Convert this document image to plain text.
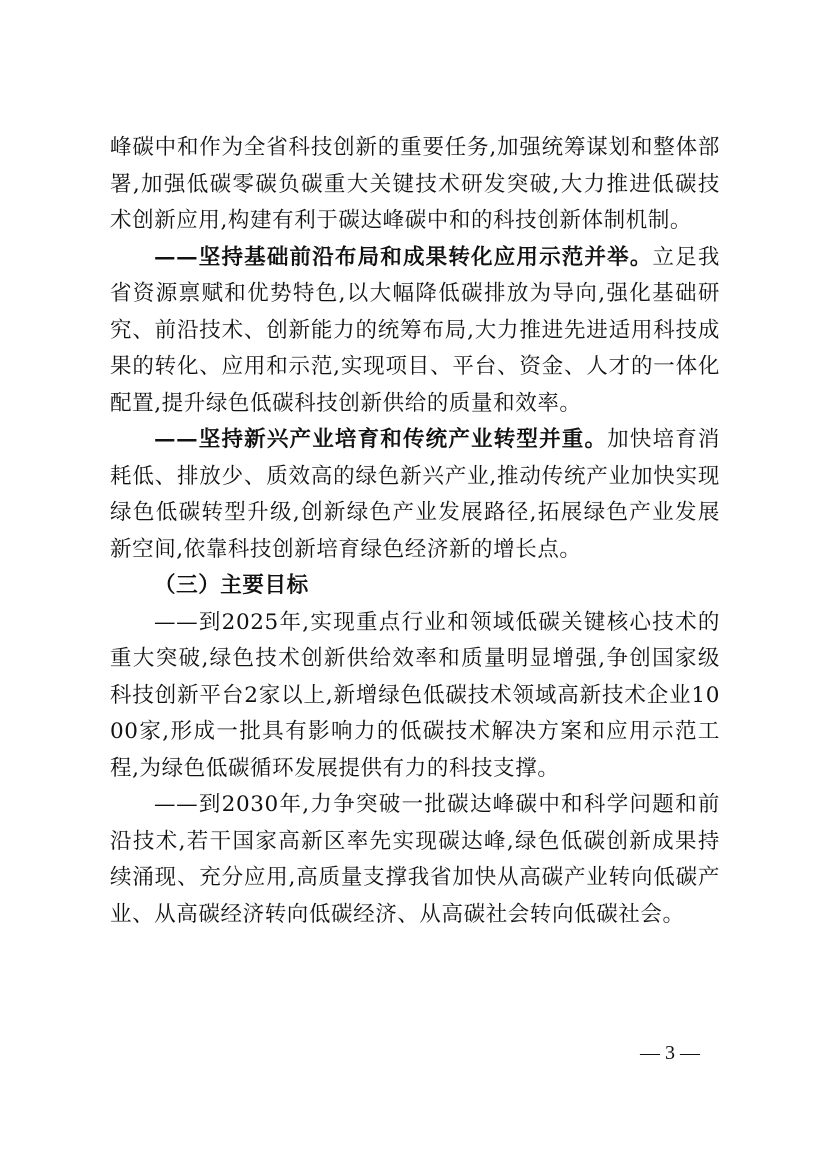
峰碳中和作为全省科技创新的重要任务,加强统筹谋划和整体部署,加强低碳零碳负碳重大关键技术研发突破,大力推进低碳技术创新应用,构建有利于碳达峰碳中和的科技创新体制机制。

——坚持基础前沿布局和成果转化应用示范并举。立足我省资源禀赋和优势特色,以大幅降低碳排放为导向,强化基础研究、前沿技术、创新能力的统筹布局,大力推进先进适用科技成果的转化、应用和示范,实现项目、平台、资金、人才的一体化配置,提升绿色低碳科技创新供给的质量和效率。

——坚持新兴产业培育和传统产业转型并重。加快培育消耗低、排放少、质效高的绿色新兴产业,推动传统产业加快实现绿色低碳转型升级,创新绿色产业发展路径,拓展绿色产业发展新空间,依靠科技创新培育绿色经济新的增长点。

（三）主要目标

——到2025年,实现重点行业和领域低碳关键核心技术的重大突破,绿色技术创新供给效率和质量明显增强,争创国家级科技创新平台2家以上,新增绿色低碳技术领域高新技术企业1000家,形成一批具有影响力的低碳技术解决方案和应用示范工程,为绿色低碳循环发展提供有力的科技支撑。

——到2030年,力争突破一批碳达峰碳中和科学问题和前沿技术,若干国家高新区率先实现碳达峰,绿色低碳创新成果持续涌现、充分应用,高质量支撑我省加快从高碳产业转向低碳产业、从高碳经济转向低碳经济、从高碳社会转向低碳社会。

— 3 —
